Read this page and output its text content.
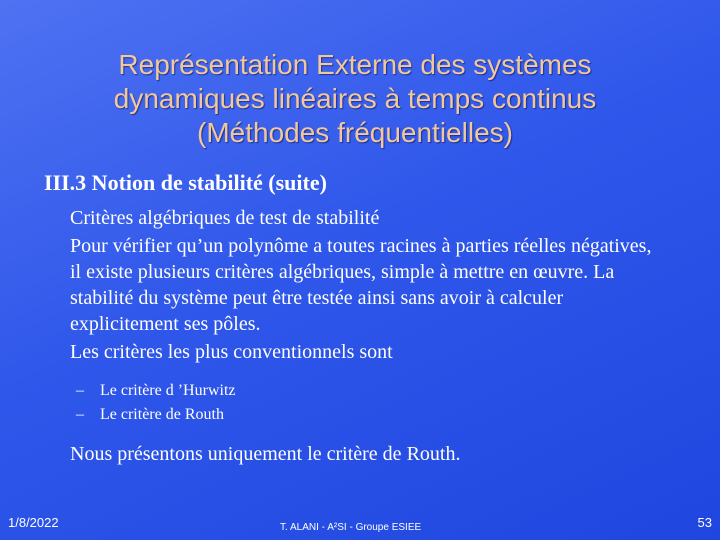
Représentation Externe des systèmes
dynamiques linéaires à temps continus
(Méthodes fréquentielles)
III.3 Notion de stabilité (suite)

Critères algébriques de test de stabilité

Pour vérifier qu’un polynôme a toutes racines à parties réelles négatives, il existe plusieurs critères algébriques, simple à mettre en œuvre. La stabilité du système peut être testée ainsi sans avoir à calculer explicitement ses pôles.

Les critères les plus conventionnels sont

–	Le critère d ’Hurwitz
–	Le critère de Routh

Nous présentons uniquement le critère de Routh.

1/8/2022	T. ALANI - A²SI - Groupe ESIEE	53
